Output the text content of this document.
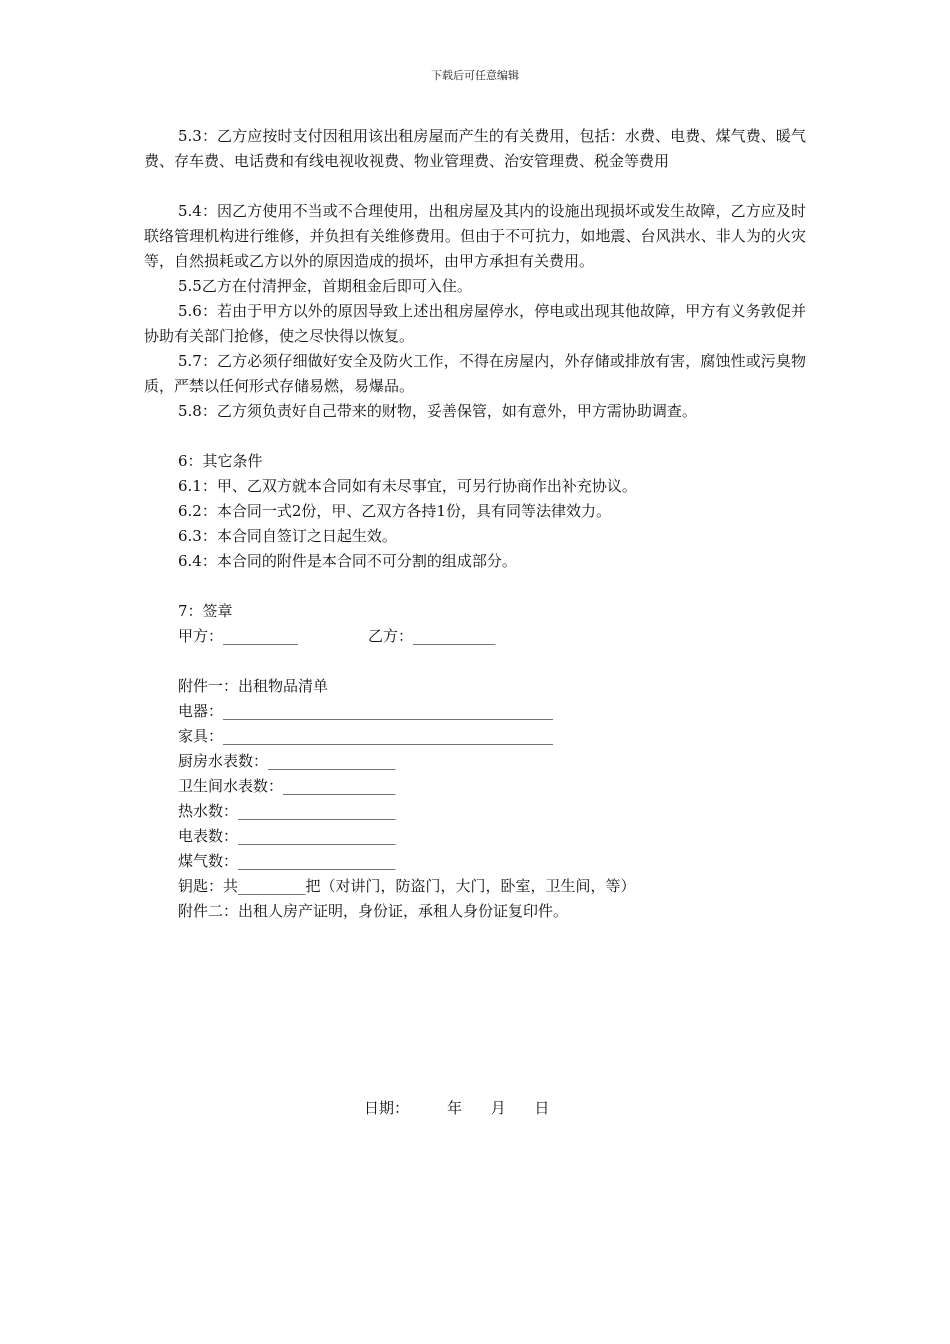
下载后可任意编辑

5.3：乙方应按时支付因租用该出租房屋而产生的有关费用，包括：水费、电费、煤气费、暖气费、存车费、电话费和有线电视收视费、物业管理费、治安管理费、税金等费用

5.4：因乙方使用不当或不合理使用，出租房屋及其内的设施出现损坏或发生故障，乙方应及时联络管理机构进行维修，并负担有关维修费用。但由于不可抗力，如地震、台风洪水、非人为的火灾等，自然损耗或乙方以外的原因造成的损坏，由甲方承担有关费用。

5.5乙方在付清押金，首期租金后即可入住。

5.6：若由于甲方以外的原因导致上述出租房屋停水，停电或出现其他故障，甲方有义务敦促并协助有关部门抢修，使之尽快得以恢复。

5.7：乙方必须仔细做好安全及防火工作，不得在房屋内，外存储或排放有害，腐蚀性或污臭物质，严禁以任何形式存储易燃，易爆品。

5.8：乙方须负责好自己带来的财物，妥善保管，如有意外，甲方需协助调查。

6：其它条件

6.1：甲、乙双方就本合同如有未尽事宜，可另行协商作出补充协议。

6.2：本合同一式2份，甲、乙双方各持1份，具有同等法律效力。

6.3：本合同自签订之日起生效。

6.4：本合同的附件是本合同不可分割的组成部分。

7：签章

甲方：__________	乙方：___________

附件一：出租物品清单

电器：____________________________________________

家具：____________________________________________

厨房水表数：_________________

卫生间水表数：_______________

热水数：_____________________

电表数：_____________________

煤气数：_____________________

钥匙：共_________把（对讲门，防盗门，大门，卧室，卫生间，等）

附件二：出租人房产证明，身份证，承租人身份证复印件。

日期：        年      月      日
